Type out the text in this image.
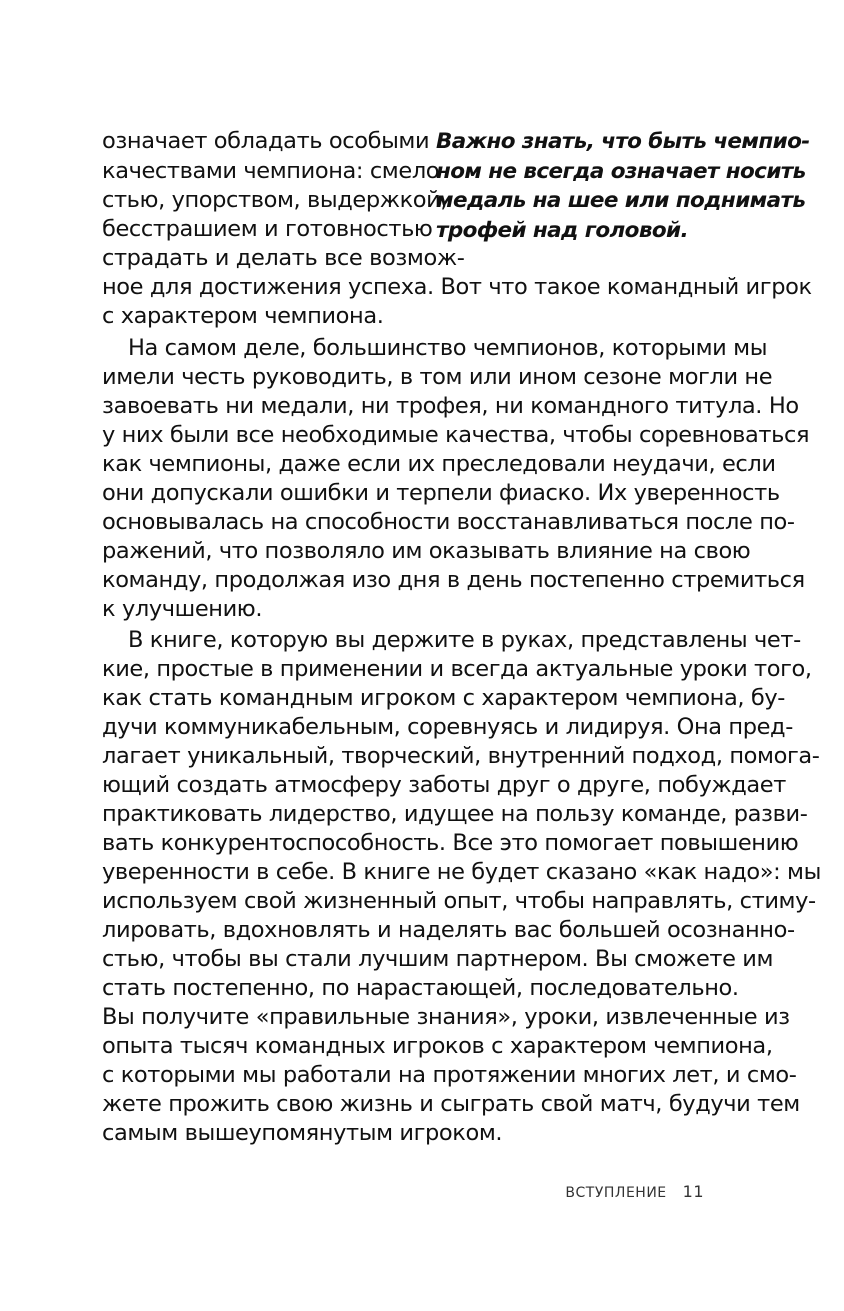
Важно знать, что быть чемпио-
ном не всегда означает носить
медаль на шее или поднимать
трофей над головой.
означает обладать особыми
качествами чемпиона: смело-
стью, упорством, выдержкой,
бесстрашием и готовностью
страдать и делать все возмож-
ное для достижения успеха. Вот что такое командный игрок
с характером чемпиона.
На самом деле, большинство чемпионов, которыми мы
имели честь руководить, в том или ином сезоне могли не
завоевать ни медали, ни трофея, ни командного титула. Но
у них были все необходимые качества, чтобы соревноваться
как чемпионы, даже если их преследовали неудачи, если
они допускали ошибки и терпели фиаско. Их уверенность
основывалась на способности восстанавливаться после по-
ражений, что позволяло им оказывать влияние на свою
команду, продолжая изо дня в день постепенно стремиться
к улучшению.
В книге, которую вы держите в руках, представлены чет-
кие, простые в применении и всегда актуальные уроки того,
как стать командным игроком с характером чемпиона, бу-
дучи коммуникабельным, соревнуясь и лидируя. Она пред-
лагает уникальный, творческий, внутренний подход, помога-
ющий создать атмосферу заботы друг о друге, побуждает
практиковать лидерство, идущее на пользу команде, разви-
вать конкурентоспособность. Все это помогает повышению
уверенности в себе. В книге не будет сказано «как надо»: мы
используем свой жизненный опыт, чтобы направлять, стиму-
лировать, вдохновлять и наделять вас большей осознанно-
стью, чтобы вы стали лучшим партнером. Вы сможете им
стать постепенно, по нарастающей, последовательно.
Вы получите «правильные знания», уроки, извлеченные из
опыта тысяч командных игроков с характером чемпиона,
с которыми мы работали на протяжении многих лет, и смо-
жете прожить свою жизнь и сыграть свой матч, будучи тем
самым вышеупомянутым игроком.
ВСТУПЛЕНИЕ 11
